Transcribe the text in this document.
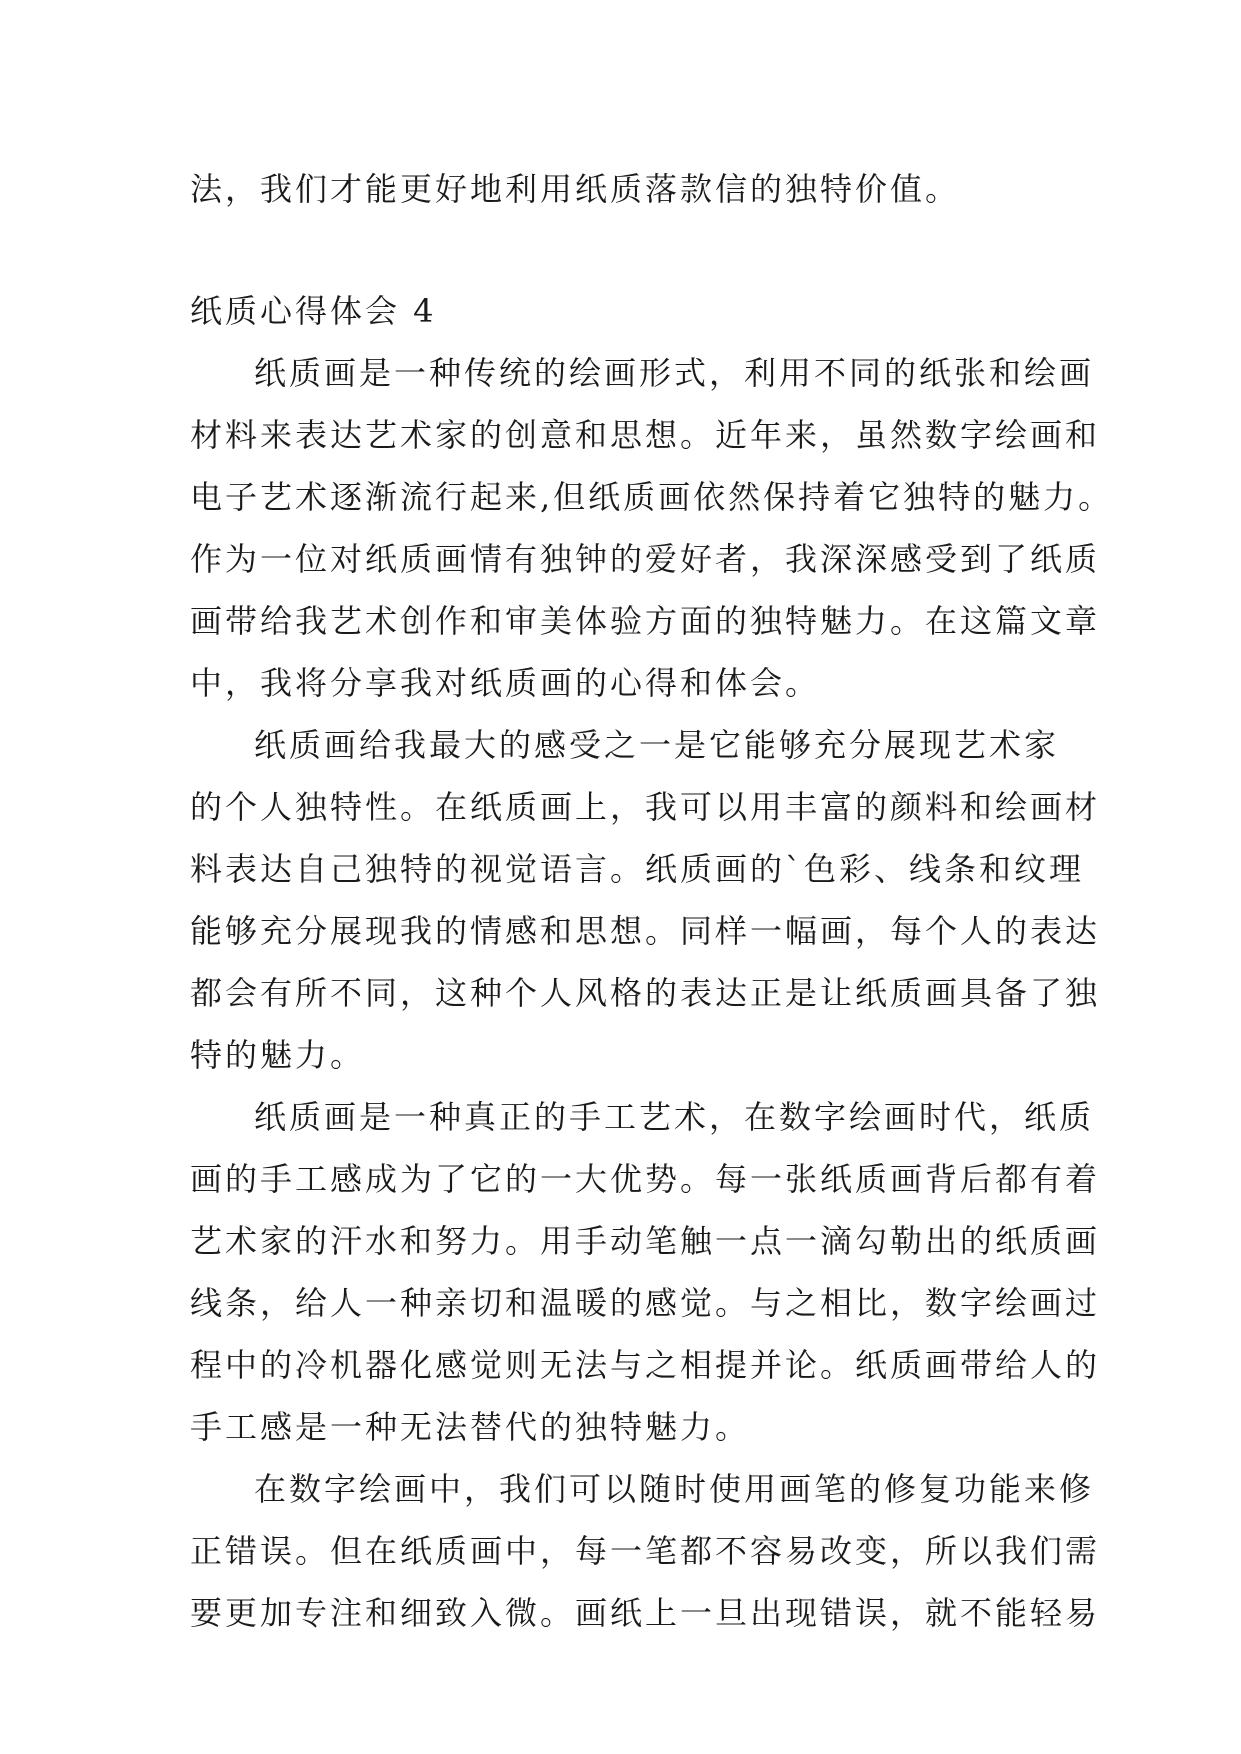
法，我们才能更好地利用纸质落款信的独特价值。
纸质心得体会 4
纸质画是一种传统的绘画形式，利用不同的纸张和绘画
材料来表达艺术家的创意和思想。近年来，虽然数字绘画和
电子艺术逐渐流行起来,但纸质画依然保持着它独特的魅力。
作为一位对纸质画情有独钟的爱好者，我深深感受到了纸质
画带给我艺术创作和审美体验方面的独特魅力。在这篇文章
中，我将分享我对纸质画的心得和体会。
纸质画给我最大的感受之一是它能够充分展现艺术家
的个人独特性。在纸质画上，我可以用丰富的颜料和绘画材
料表达自己独特的视觉语言。纸质画的`色彩、线条和纹理
能够充分展现我的情感和思想。同样一幅画，每个人的表达
都会有所不同，这种个人风格的表达正是让纸质画具备了独
特的魅力。
纸质画是一种真正的手工艺术，在数字绘画时代，纸质
画的手工感成为了它的一大优势。每一张纸质画背后都有着
艺术家的汗水和努力。用手动笔触一点一滴勾勒出的纸质画
线条，给人一种亲切和温暖的感觉。与之相比，数字绘画过
程中的冷机器化感觉则无法与之相提并论。纸质画带给人的
手工感是一种无法替代的独特魅力。
在数字绘画中，我们可以随时使用画笔的修复功能来修
正错误。但在纸质画中，每一笔都不容易改变，所以我们需
要更加专注和细致入微。画纸上一旦出现错误，就不能轻易
